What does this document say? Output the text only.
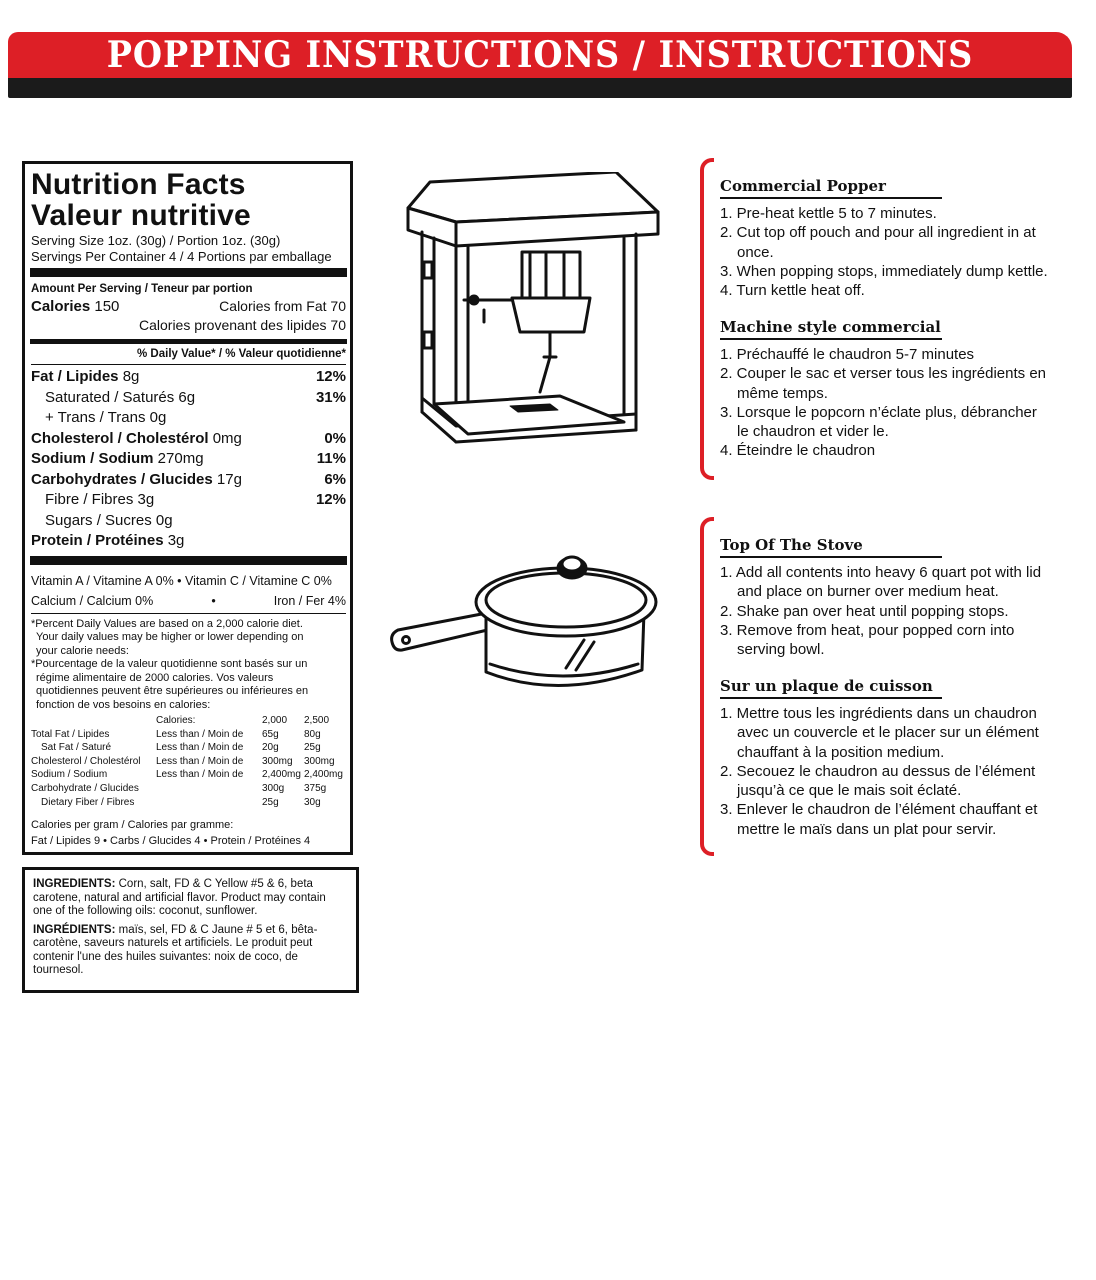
POPPING INSTRUCTIONS / INSTRUCTIONS
Nutrition Facts
Valeur nutritive
Serving Size 1oz. (30g) / Portion 1oz. (30g)
Servings Per Container 4 / 4 Portions par emballage
Amount Per Serving / Teneur par portion
Calories 150	Calories from Fat 70
Calories provenant des lipides 70
% Daily Value* / % Valeur quotidienne*
Fat / Lipides 8g	12%
Saturated / Saturés 6g	31%
+ Trans / Trans 0g
Cholesterol / Cholestérol 0mg	0%
Sodium / Sodium 270mg	11%
Carbohydrates / Glucides 17g	6%
Fibre / Fibres 3g	12%
Sugars / Sucres 0g
Protein / Protéines 3g
Vitamin A / Vitamine A 0% • Vitamin C / Vitamine C 0%
Calcium / Calcium 0%	•	Iron / Fer 4%
*Percent Daily Values are based on a 2,000 calorie diet. Your daily values may be higher or lower depending on your calorie needs:
*Pourcentage de la valeur quotidienne sont basés sur un régime alimentaire de 2000 calories. Vos valeurs quotidiennes peuvent être supérieures ou inférieures en fonction de vos besoins en calories:
	Calories:	2,000	2,500
Total Fat / Lipides	Less than / Moin de	65g	80g
Sat Fat / Saturé	Less than / Moin de	20g	25g
Cholesterol / Cholestérol	Less than / Moin de	300mg	300mg
Sodium / Sodium	Less than / Moin de	2,400mg	2,400mg
Carbohydrate / Glucides		300g	375g
Dietary Fiber / Fibres		25g	30g
Calories per gram / Calories par gramme:
Fat / Lipides 9 • Carbs / Glucides 4 • Protein / Protéines 4

INGREDIENTS: Corn, salt, FD & C Yellow #5 & 6, beta carotene, natural and artificial flavor. Product may contain one of the following oils: coconut, sunflower.

INGRÉDIENTS: maïs, sel, FD & C Jaune # 5 et 6, bêta-carotène, saveurs naturels et artificiels. Le produit peut contenir l'une des huiles suivantes: noix de coco, de tournesol.

Commercial Popper
1. Pre-heat kettle 5 to 7 minutes.
2. Cut top off pouch and pour all ingredient in at once.
3. When popping stops, immediately dump kettle.
4. Turn kettle heat off.
Machine style commercial
1. Préchauffé le chaudron 5-7 minutes
2. Couper le sac et verser tous les ingrédients en même temps.
3. Lorsque le popcorn n’éclate plus, débrancher le chaudron et vider le.
4. Éteindre le chaudron
Top Of The Stove
1. Add all contents into heavy 6 quart pot with lid and place on burner over medium heat.
2. Shake pan over heat until popping stops.
3. Remove from heat, pour popped corn into serving bowl.
Sur un plaque de cuisson
1. Mettre tous les ingrédients dans un chaudron avec un couvercle et le placer sur un élément chauffant à la position medium.
2. Secouez le chaudron au dessus de l’élément jusqu’à ce que le mais soit éclaté.
3. Enlever le chaudron de l’élément chauffant et mettre le maïs dans un plat pour servir.
